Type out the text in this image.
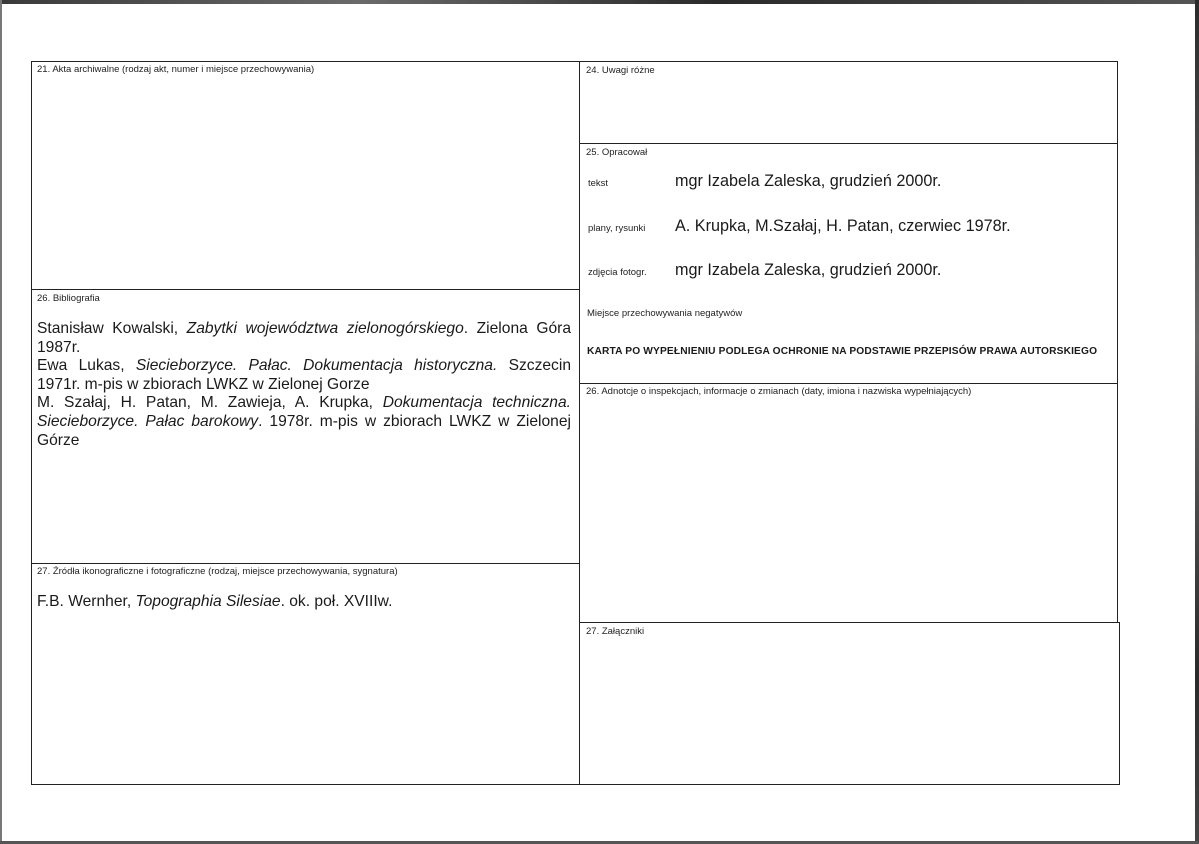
21. Akta archiwalne (rodzaj akt, numer i miejsce przechowywania)
26. Bibliografia

Stanisław Kowalski, Zabytki województwa zielonogórskiego. Zielona Góra 1987r.

Ewa Lukas, Siecieborzyce. Pałac. Dokumentacja historyczna. Szczecin 1971r. m-pis w zbiorach LWKZ w Zielonej Gorze

M. Szałaj, H. Patan, M. Zawieja, A. Krupka, Dokumentacja techniczna. Siecieborzyce. Pałac barokowy. 1978r. m-pis w zbiorach LWKZ w Zielonej Górze

27. Źródła ikonograficzne i fotograficzne (rodzaj, miejsce przechowywania, sygnatura)
F.B. Wernher, Topographia Silesiae. ok. poł. XVIIIw.
24. Uwagi różne
25. Opracował
tekst	mgr Izabela Zaleska, grudzień 2000r.
plany, rysunki A. Krupka, M.Szałaj, H. Patan, czerwiec 1978r.
zdjęcia fotogr. mgr Izabela Zaleska, grudzień 2000r.
Miejsce przechowywania negatywów
KARTA PO WYPEŁNIENIU PODLEGA OCHRONIE NA PODSTAWIE PRZEPISÓW PRAWA AUTORSKIEGO
26. Adnotcje o inspekcjach, informacje o zmianach (daty, imiona i nazwiska wypełniających)
27. Załączniki
